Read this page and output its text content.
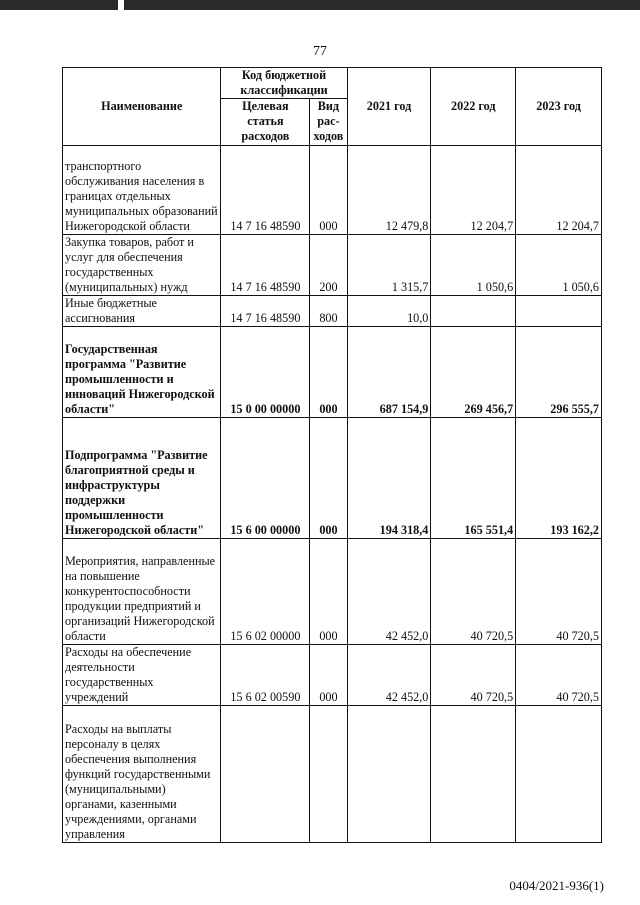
77
Наименование	Код бюджетной классификации		2021 год	2022 год	2023 год
	Целевая статья расходов	Вид рас-ходов			
транспортного обслуживания населения в границах отдельных муниципальных образований Нижегородской области	14 7 16 48590	000	12 479,8	12 204,7	12 204,7
Закупка товаров, работ и услуг для обеспечения государственных (муниципальных) нужд	14 7 16 48590	200	1 315,7	1 050,6	1 050,6
Иные бюджетные ассигнования	14 7 16 48590	800	10,0		
Государственная программа "Развитие промышленности и инноваций Нижегородской области"	15 0 00 00000	000	687 154,9	269 456,7	296 555,7
Подпрограмма "Развитие благоприятной среды и инфраструктуры поддержки промышленности Нижегородской области"	15 6 00 00000	000	194 318,4	165 551,4	193 162,2
Мероприятия, направленные на повышение конкурентоспособности продукции предприятий и организаций Нижегородской области	15 6 02 00000	000	42 452,0	40 720,5	40 720,5
Расходы на обеспечение деятельности государственных учреждений	15 6 02 00590	000	42 452,0	40 720,5	40 720,5
Расходы на выплаты персоналу в целях обеспечения выполнения функций государственными (муниципальными) органами, казенными учреждениями, органами управления					
0404/2021-936(1)
